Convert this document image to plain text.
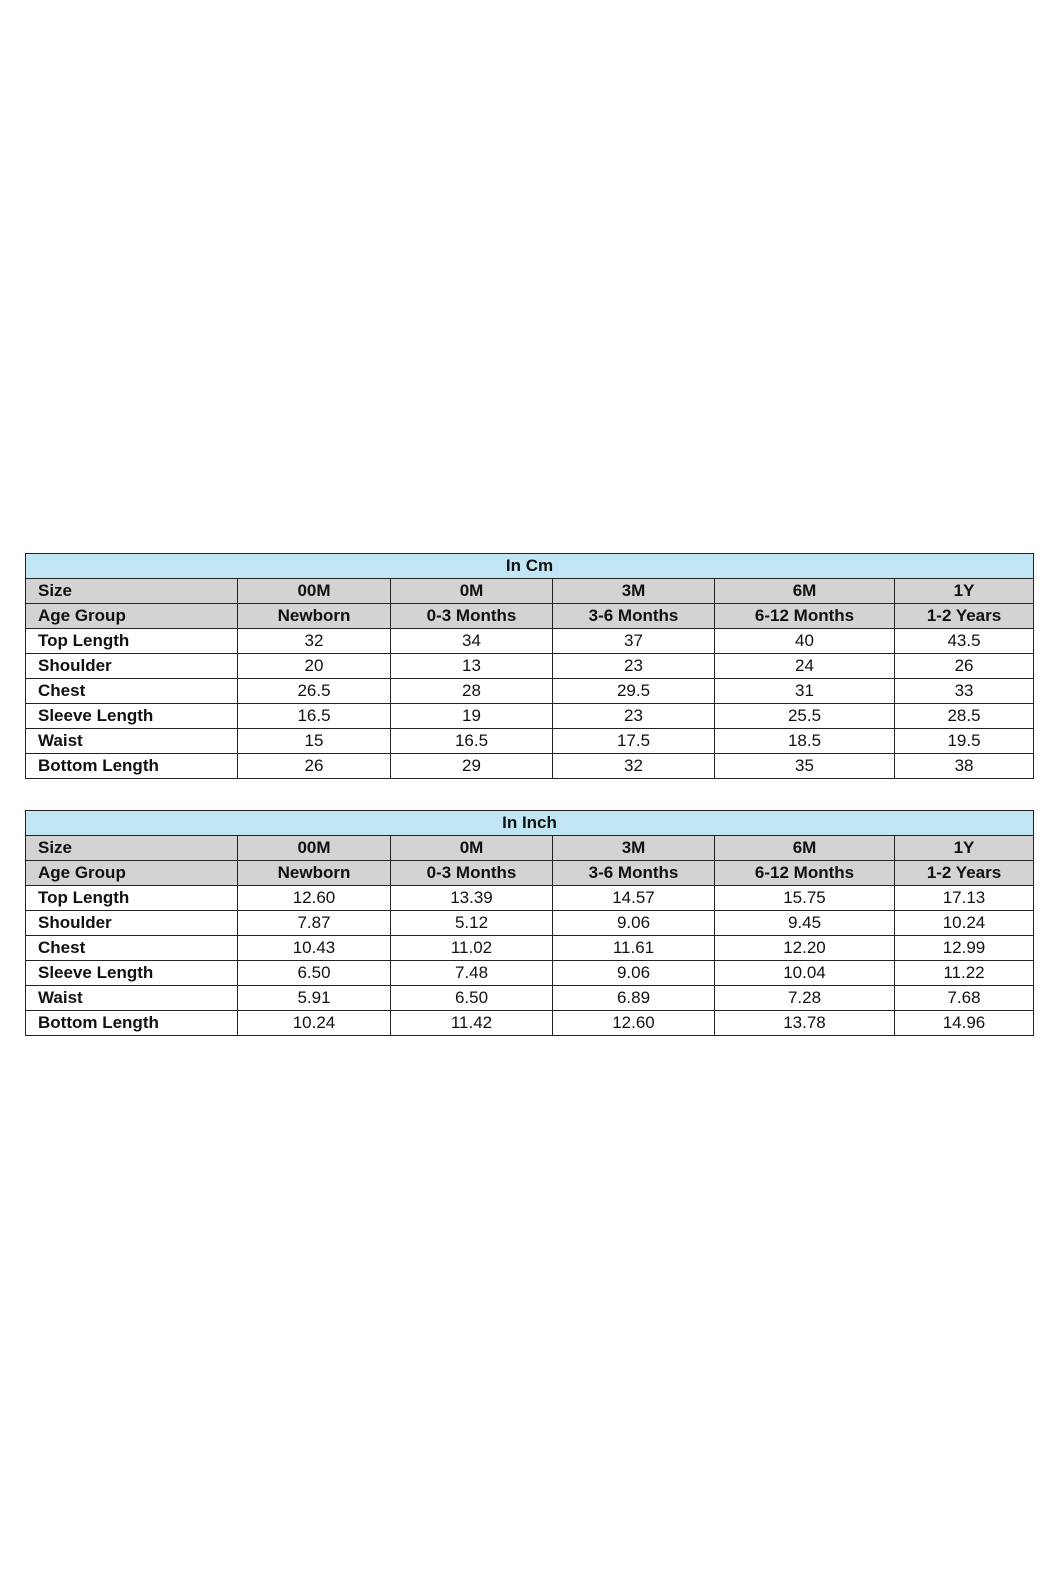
In Cm					
Size	00M	0M	3M	6M	1Y
Age Group	Newborn	0-3 Months	3-6 Months	6-12 Months	1-2 Years
Top Length	32	34	37	40	43.5
Shoulder	20	13	23	24	26
Chest	26.5	28	29.5	31	33
Sleeve Length	16.5	19	23	25.5	28.5
Waist	15	16.5	17.5	18.5	19.5
Bottom Length	26	29	32	35	38
In Inch					
Size	00M	0M	3M	6M	1Y
Age Group	Newborn	0-3 Months	3-6 Months	6-12 Months	1-2 Years
Top Length	12.60	13.39	14.57	15.75	17.13
Shoulder	7.87	5.12	9.06	9.45	10.24
Chest	10.43	11.02	11.61	12.20	12.99
Sleeve Length	6.50	7.48	9.06	10.04	11.22
Waist	5.91	6.50	6.89	7.28	7.68
Bottom Length	10.24	11.42	12.60	13.78	14.96
